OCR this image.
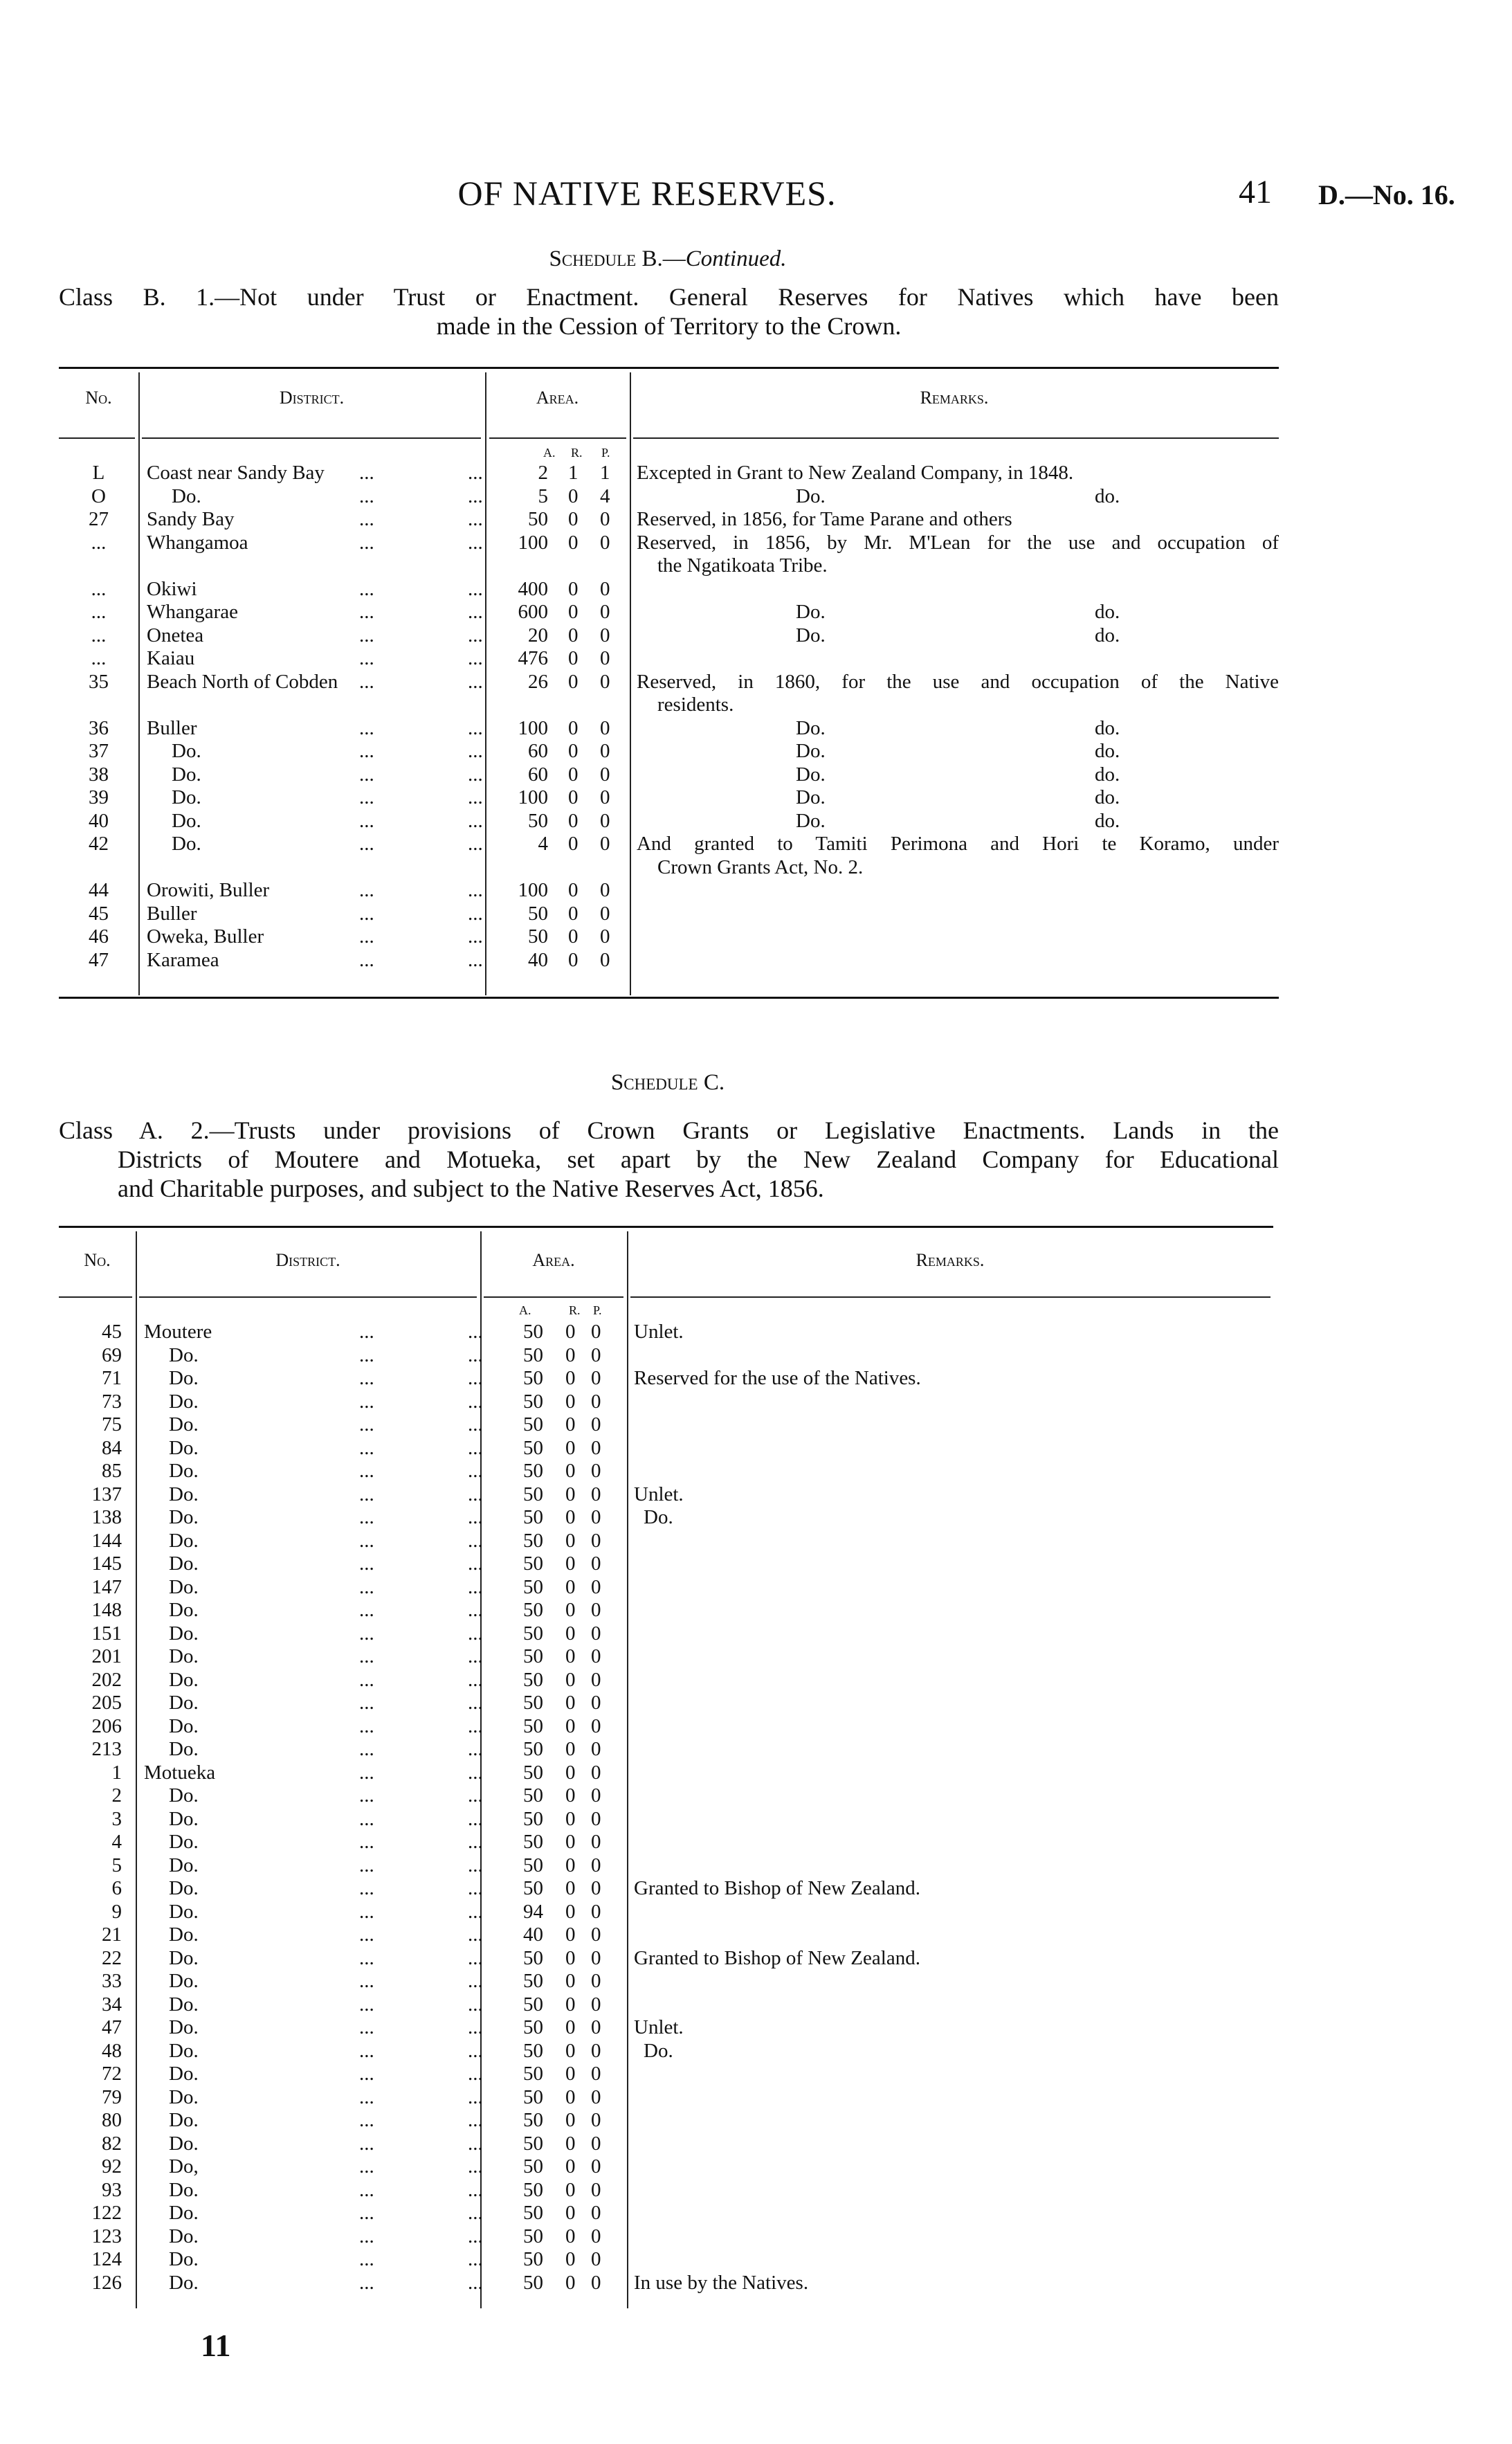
OF NATIVE RESERVES.	41 D.—No. 16.
Schedule B.—Continued.
Class B. 1.—Not under Trust or Enactment. General Reserves for Natives which have been
made in the Cession of Territory to the Crown.
No.	District.	Area.	Remarks.
A. R. P.
L	Coast near Sandy Bay ...	...	2 1 1 Excepted in Grant to New Zealand Company, in 1848.
O	Do.	...	...	5 0 4	Do.	do.
27	Sandy Bay	...	... 50 0 0 Reserved, in 1856, for Tame Parane and others
...	Whangamoa	...	... 100 0 0 Reserved, in 1856, by Mr. M'Lean for the use and occupation of
the Ngatikoata Tribe.
...	Okiwi	...	... 400 0 0
...	Whangarae	...	... 600 0 0	Do.	do.
...	Onetea	...	... 20 0 0	Do.	do.
...	Kaiau	...	... 476 0 0
35	Beach North of Cobden ...	... 26 0 0 Reserved, in 1860, for the use and occupation of the Native
residents.
36	Buller	...	... 100 0 0	Do.	do.
37	Do.	...	... 60 0 0	Do.	do.
38	Do.	...	... 60 0 0	Do.	do.
39	Do.	...	... 100 0 0	Do.	do.
40	Do.	...	... 50 0 0	Do.	do.
42	Do.	...	...	4 0 0 And granted to Tamiti Perimona and Hori te Koramo, under
Crown Grants Act, No. 2.
44	Orowiti, Buller	...	... 100 0 0
45	Buller	...	... 50 0 0
46	Oweka, Buller	...	... 50 0 0
47	Karamea	...	... 40 0 0
Schedule C.
Class A. 2.—Trusts under provisions of Crown Grants or Legislative Enactments. Lands in the
Districts of Moutere and Motueka, set apart by the New Zealand Company for Educational
and Charitable purposes, and subject to the Native Reserves Act, 1856.
No.	District.	Area.	Remarks.
A.	R. P.
45	Moutere	...	... 50 0 0 Unlet.
69	Do.	...	... 50 0 0
71	Do.	...	... 50 0 0 Reserved for the use of the Natives.
73	Do.	...	... 50 0 0
75	Do.	...	... 50 0 0
84	Do.	...	... 50 0 0
85	Do.	...	... 50 0 0
137	Do.	...	... 50 0 0 Unlet.
138	Do.	...	... 50 0 0	Do.
144	Do.	...	... 50 0 0
145	Do.	...	... 50 0 0
147	Do.	...	... 50 0 0
148	Do.	...	... 50 0 0
151	Do.	...	... 50 0 0
201	Do.	...	... 50 0 0
202	Do.	...	... 50 0 0
205	Do.	...	... 50 0 0
206	Do.	...	... 50 0 0
213	Do.	...	... 50 0 0
1	Motueka	...	... 50 0 0
2	Do.	...	... 50 0 0
3	Do.	...	... 50 0 0
4	Do.	...	... 50 0 0
5	Do.	...	... 50 0 0
6	Do.	...	... 50 0 0 Granted to Bishop of New Zealand.
9	Do.	...	... 94 0 0
21	Do.	...	... 40 0 0
22	Do.	...	... 50 0 0 Granted to Bishop of New Zealand.
33	Do.	...	... 50 0 0
34	Do.	...	... 50 0 0
47	Do.	...	... 50 0 0 Unlet.
48	Do.	...	... 50 0 0	Do.
72	Do.	...	... 50 0 0
79	Do.	...	... 50 0 0
80	Do.	...	... 50 0 0
82	Do.	...	... 50 0 0
92	Do,	...	... 50 0 0
93	Do.	...	... 50 0 0
122	Do.	...	... 50 0 0
123	Do.	...	... 50 0 0
124	Do.	...	... 50 0 0
126	Do.	...	... 50 0 0 In use by the Natives.
11
